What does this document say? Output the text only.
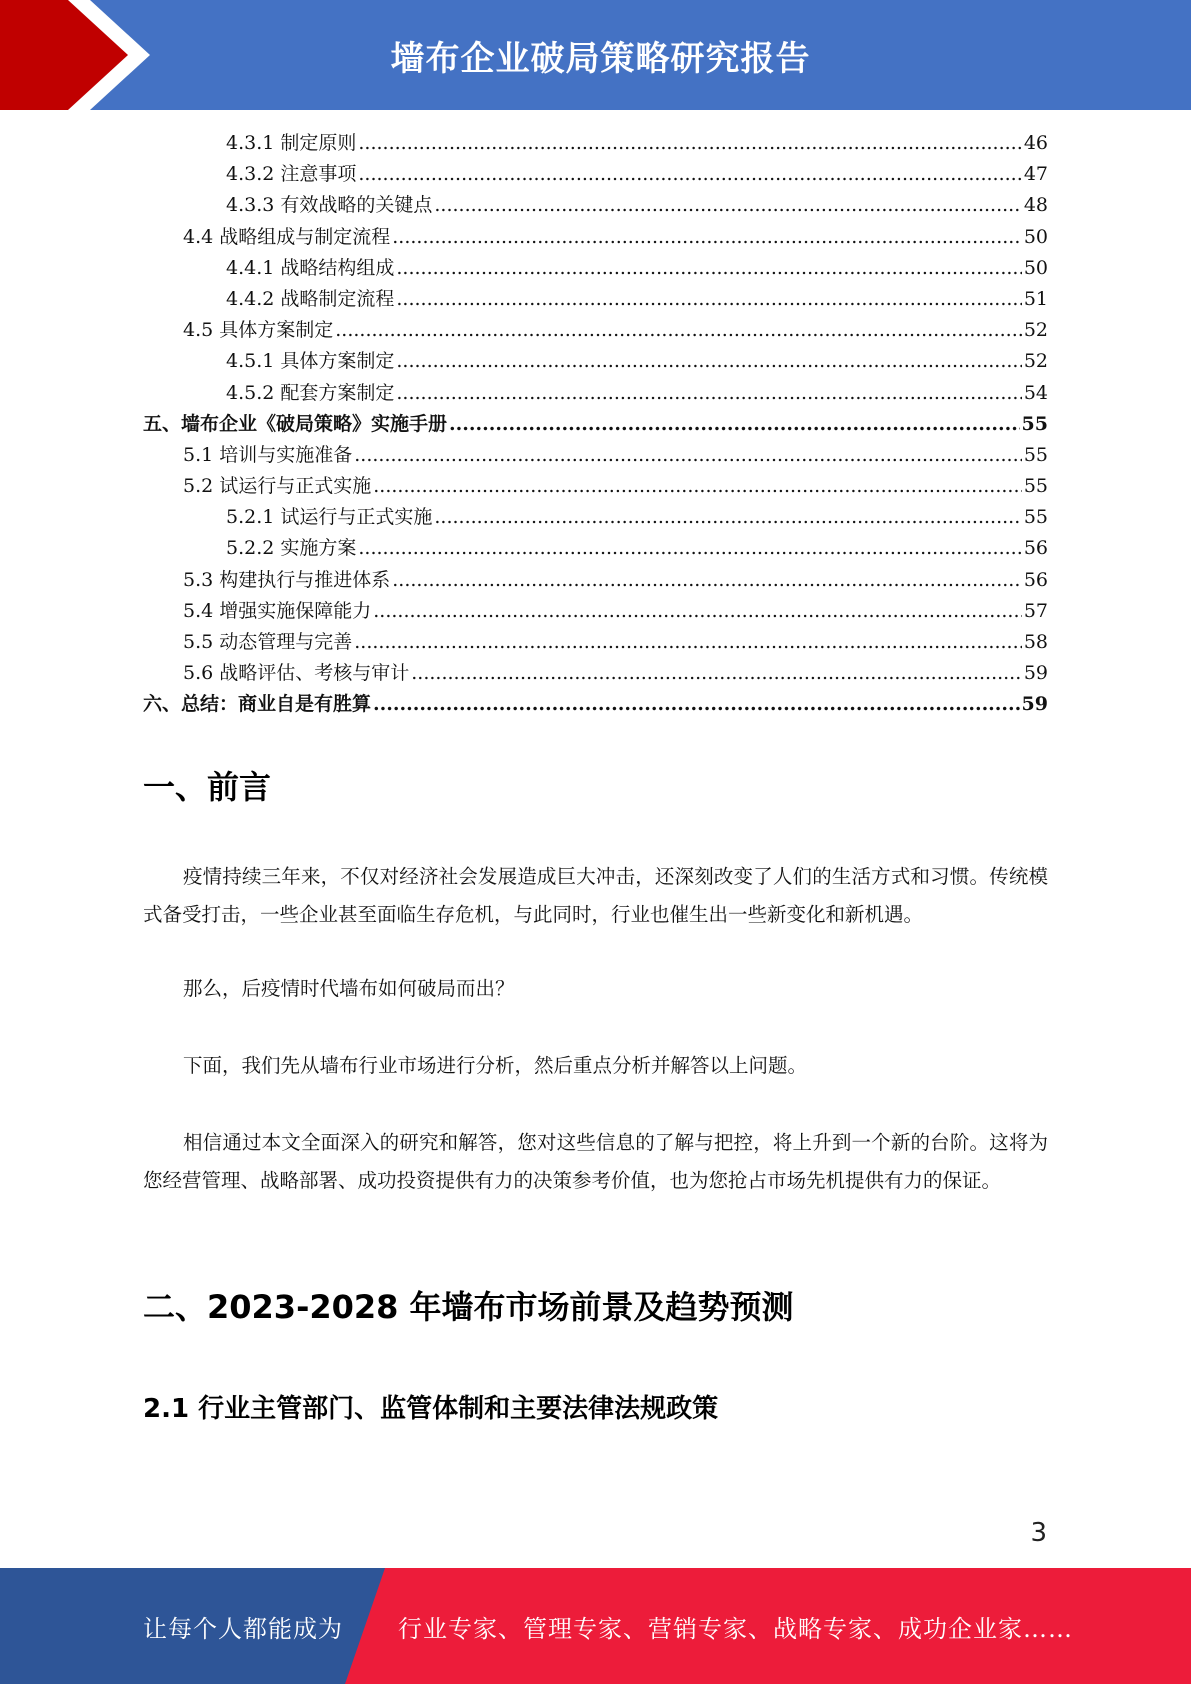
墙布企业破局策略研究报告
4.3.1 制定原则 .....	46
4.3.2 注意事项 .....	47
4.3.3 有效战略的关键点 .....	48
4.4 战略组成与制定流程 .....	50
4.4.1 战略结构组成 .....	50
4.4.2 战略制定流程 .....	51
4.5 具体方案制定 .....	52
4.5.1 具体方案制定 .....	52
4.5.2 配套方案制定 .....	54
五、墙布企业《破局策略》实施手册 .....	55
5.1 培训与实施准备 .....	55
5.2 试运行与正式实施 .....	55
5.2.1 试运行与正式实施 .....	55
5.2.2 实施方案 .....	56
5.3 构建执行与推进体系 .....	56
5.4 增强实施保障能力 .....	57
5.5 动态管理与完善 .....	58
5.6 战略评估、考核与审计 .....	59
六、总结：商业自是有胜算 .....	59
一、前言

疫情持续三年来，不仅对经济社会发展造成巨大冲击，还深刻改变了人们的生活方式和习惯。传统模式备受打击，一些企业甚至面临生存危机，与此同时，行业也催生出一些新变化和新机遇。

那么，后疫情时代墙布如何破局而出？

下面，我们先从墙布行业市场进行分析，然后重点分析并解答以上问题。

相信通过本文全面深入的研究和解答，您对这些信息的了解与把控，将上升到一个新的台阶。这将为您经营管理、战略部署、成功投资提供有力的决策参考价值，也为您抢占市场先机提供有力的保证。

二、2023-2028 年墙布市场前景及趋势预测
2.1 行业主管部门、监管体制和主要法律法规政策
3
让每个人都能成为 行业专家、管理专家、营销专家、战略专家、成功企业家……
